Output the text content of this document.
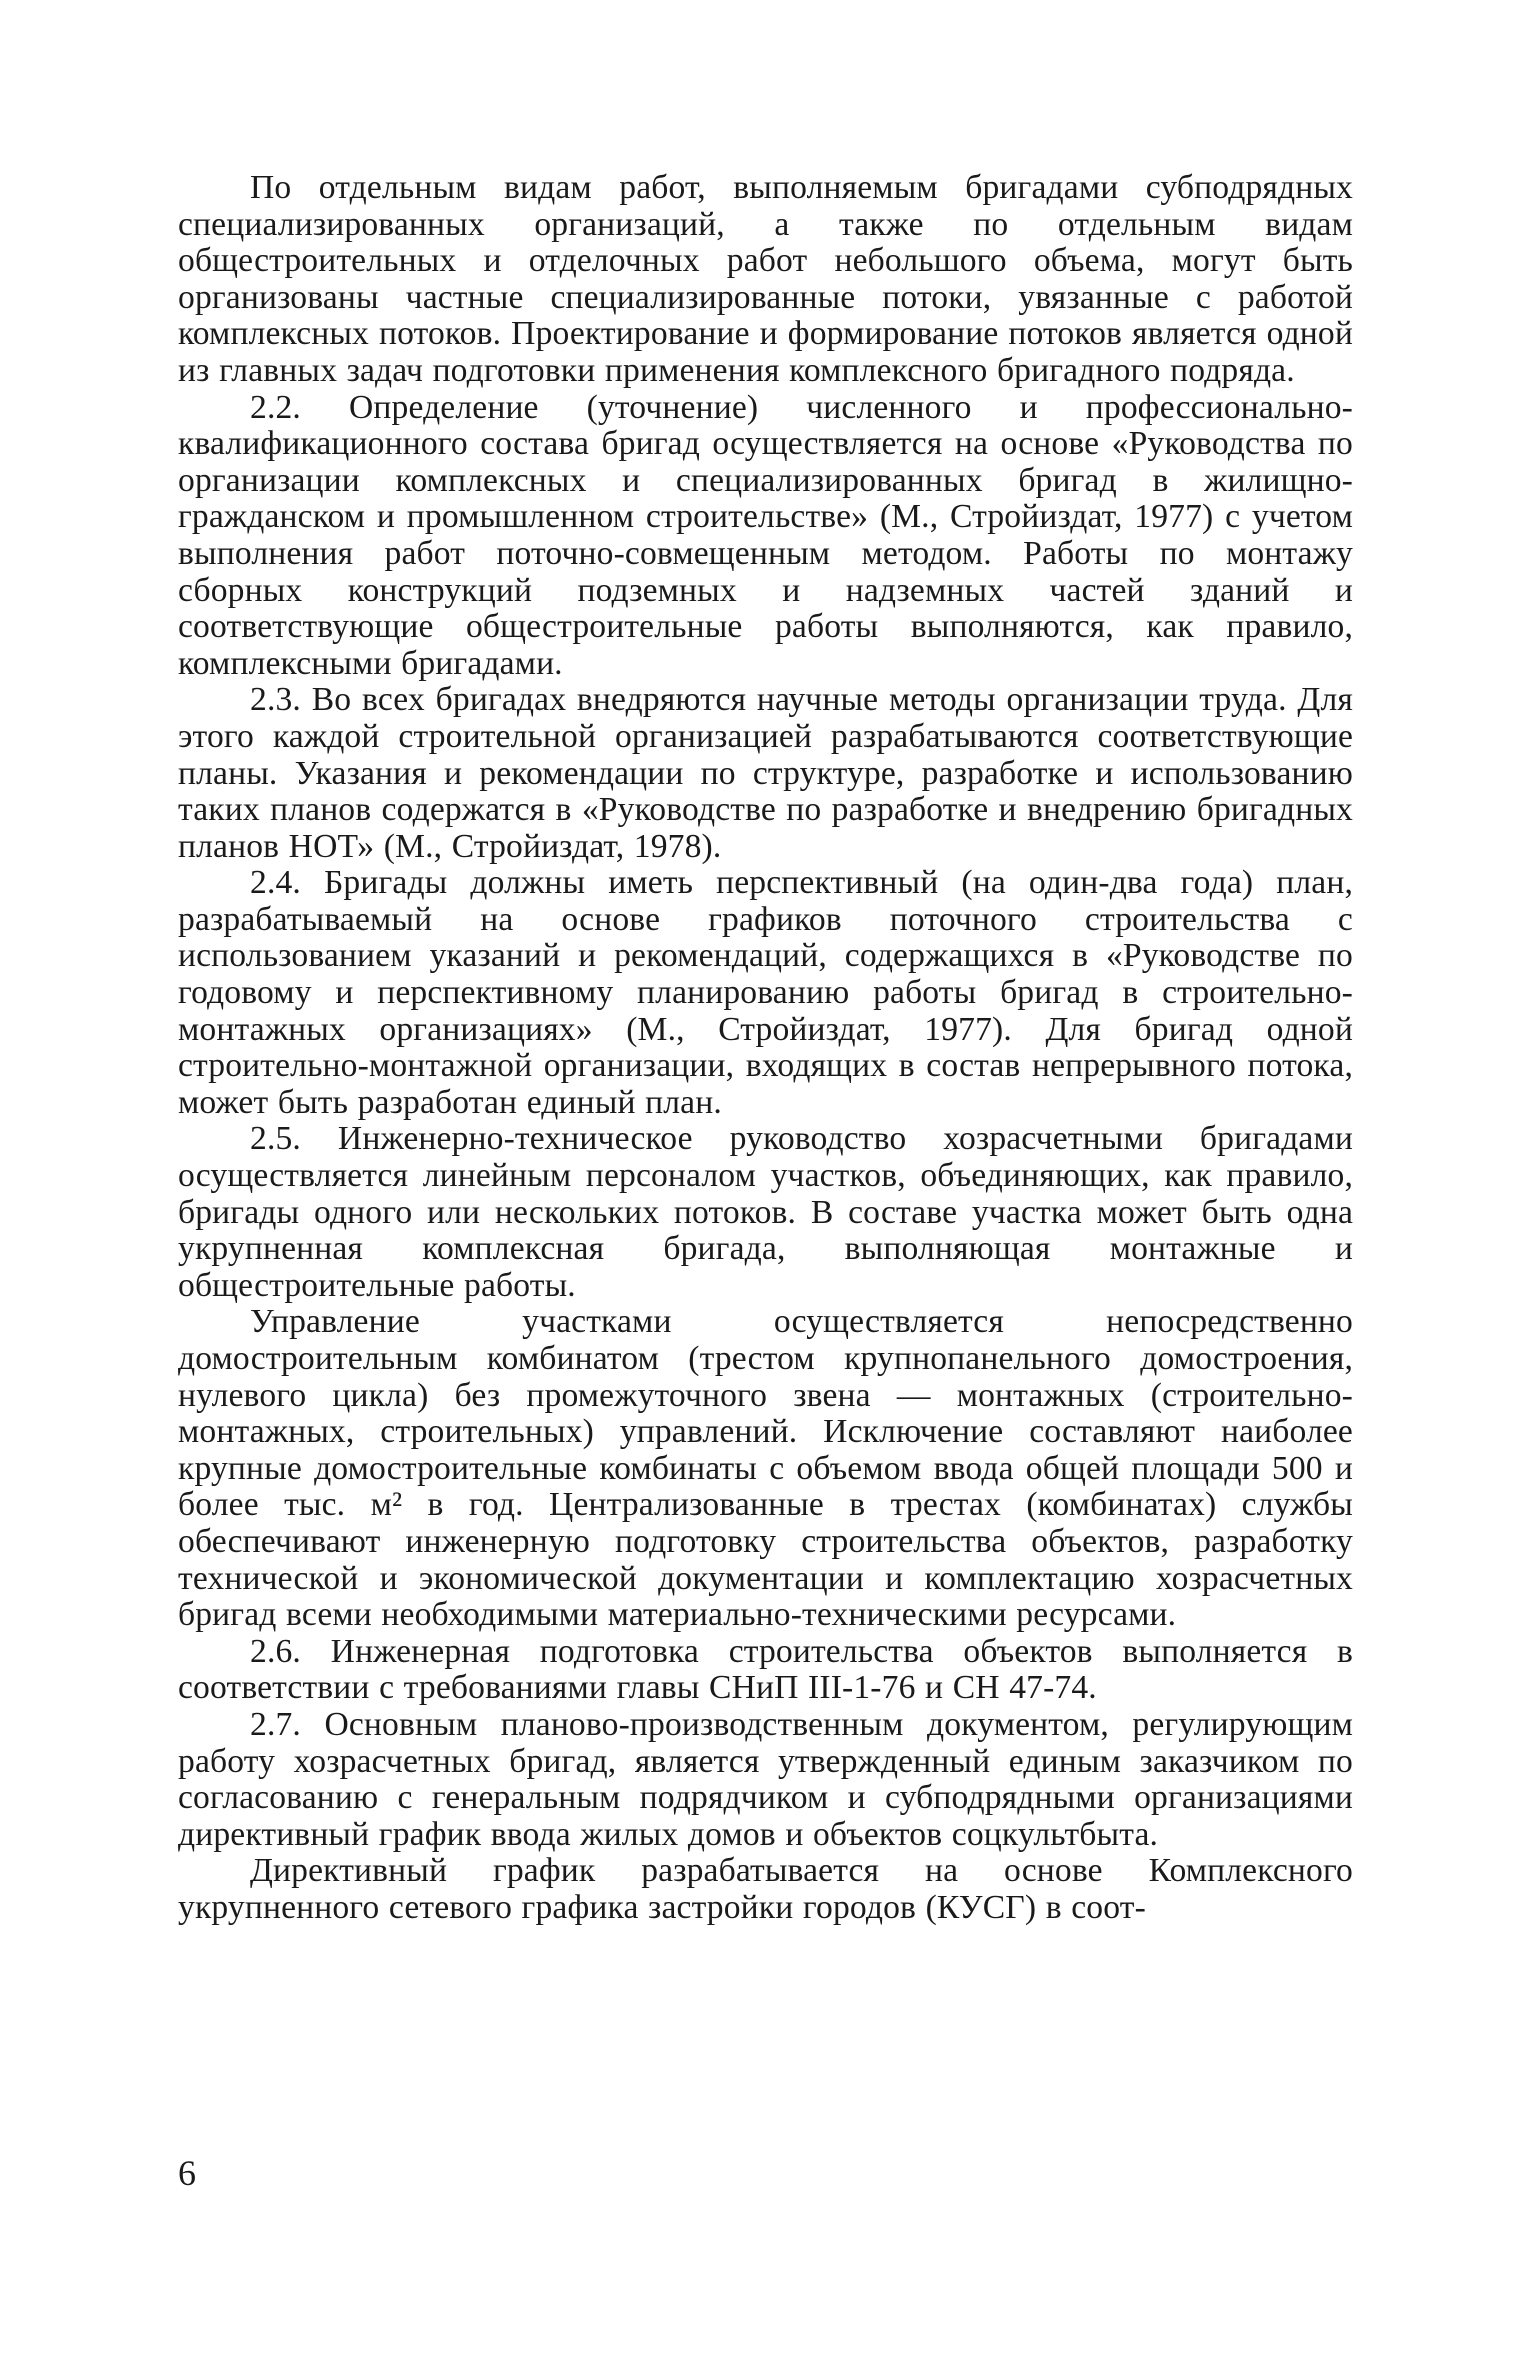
По отдельным видам работ, выполняемым бригадами субподрядных специализированных организаций, а также по отдельным видам общестроительных и отделочных работ небольшого объема, могут быть организованы частные специализированные потоки, увязанные с работой комплексных потоков. Проектирование и формирование потоков является одной из главных задач подготовки применения комплексного бригадного подряда.

2.2. Определение (уточнение) численного и профессионально-квалификационного состава бригад осуществляется на основе «Руководства по организации комплексных и специализированных бригад в жилищно-гражданском и промышленном строительстве» (М., Стройиздат, 1977) с учетом выполнения работ поточно-совмещенным методом. Работы по монтажу сборных конструкций подземных и надземных частей зданий и соответствующие общестроительные работы выполняются, как правило, комплексными бригадами.

2.3. Во всех бригадах внедряются научные методы организации труда. Для этого каждой строительной организацией разрабатываются соответствующие планы. Указания и рекомендации по структуре, разработке и использованию таких планов содержатся в «Руководстве по разработке и внедрению бригадных планов НОТ» (М., Стройиздат, 1978).

2.4. Бригады должны иметь перспективный (на один-два года) план, разрабатываемый на основе графиков поточного строительства с использованием указаний и рекомендаций, содержащихся в «Руководстве по годовому и перспективному планированию работы бригад в строительно-монтажных организациях» (М., Стройиздат, 1977). Для бригад одной строительно-монтажной организации, входящих в состав непрерывного потока, может быть разработан единый план.

2.5. Инженерно-техническое руководство хозрасчетными бригадами осуществляется линейным персоналом участков, объединяющих, как правило, бригады одного или нескольких потоков. В составе участка может быть одна укрупненная комплексная бригада, выполняющая монтажные и общестроительные работы.

Управление участками осуществляется непосредственно домостроительным комбинатом (трестом крупнопанельного домостроения, нулевого цикла) без промежуточного звена — монтажных (строительно-монтажных, строительных) управлений. Исключение составляют наиболее крупные домостроительные комбинаты с объемом ввода общей площади 500 и более тыс. м² в год. Централизованные в трестах (комбинатах) службы обеспечивают инженерную подготовку строительства объектов, разработку технической и экономической документации и комплектацию хозрасчетных бригад всеми необходимыми материально-техническими ресурсами.

2.6. Инженерная подготовка строительства объектов выполняется в соответствии с требованиями главы СНиП III-1-76 и СН 47-74.

2.7. Основным планово-производственным документом, регулирующим работу хозрасчетных бригад, является утвержденный единым заказчиком по согласованию с генеральным подрядчиком и субподрядными организациями директивный график ввода жилых домов и объектов соцкультбыта.

Директивный график разрабатывается на основе Комплексного укрупненного сетевого графика застройки городов (КУСГ) в соот-

6
